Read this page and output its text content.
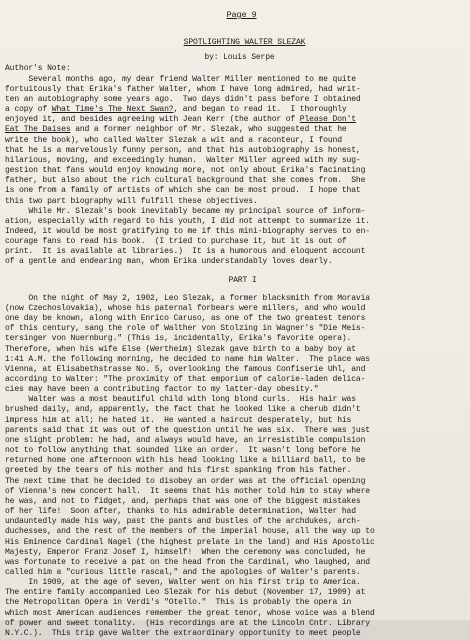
Page 9
SPOTLIGHTING WALTER SLEZAK
by: Louis Serpe
Author's Note:
Several months ago, my dear friend Walter Miller mentioned to me quite
fortuitously that Erika's father Walter, whom I have long admired, had writ-
ten an autobiography some years ago.  Two days didn't pass before I obtained
a copy of What Time's The Next Swan?, and began to read it.  I thoroughly
enjoyed it, and besides agreeing with Jean Kerr (the author of Please Don't
Eat The Daises and a former neighbor of Mr. Slezak, who suggested that he
write the book), who called Walter Slezak a wit and a raconteur, I found
that he is a marvelously funny person, and that his autobiography is honest,
hilarious, moving, and exceedingly human.  Walter Miller agreed with my sug-
gestion that fans would enjoy knowing more, not only about Erika's facinating
father, but also about the rich cultural background that she comes from.  She
is one from a family of artists of which she can be most proud.  I hope that
this two part biography will fulfill these objectives.
While Mr. Slezak's book inevitably became my principal source of inform-
ation, especially with regard to his youth, I did not attempt to summarize it.
Indeed, it would be most gratifying to me if this mini-biography serves to en-
courage fans to read his book.  (I tried to purchase it, but it is out of
print.  It is available at libraries.)  It is a humorous and eloquent account
of a gentle and endearing man, whom Erika understandably loves dearly.
PART I
On the night of May 2, 1902, Leo Slezak, a former blacksmith from Moravia
(now Czechoslovakia), whose his paternal forbears were millers, and who would
one day be known, along with Enrico Caruso, as one of the two greatest tenors
of this century, sang the role of Walther von Stolzing in Wagner's "Die Meis-
tersinger von Nuernburg." (This is, incidentally, Erika's favorite opera).
Therefore, when his wife Else (Wertheim) Slezak gave birth to a baby boy at
1:41 A.M. the following morning, he decided to name him Walter.  The place was
Vienna, at Elisabethstrasse No. 5, overlooking the famous Confiserie Uhl, and
according to Walter: "The proximity of that emporium of calorie-laden delica-
cies may have been a contributing factor to my latter-day obesity."
Walter was a most beautiful child with long blond curls.  His hair was
brushed daily, and, apparently, the fact that he looked like a cherub didn't
impress him at all; he hated it.  He wanted a haircut desperately, but his
parents said that it was out of the question until he was six.  There was just
one slight problem: he had, and always would have, an irresistible compulsion
not to follow anything that sounded like an order.  It wasn't long before he
returned home one afternoon with his head looking like a billiard ball, to be
greeted by the tears of his mother and his first spanking from his father.
The next time that he decided to disobey an order was at the official opening
of Vienna's new concert hall.  It seems that his mother told him to stay where
he was, and not to fidget, and, perhaps that was one of the biggest mistakes
of her life!  Soon after, thanks to his admirable determination, Walter had
undauntedly made his way, past the pants and bustles of the archdukes, arch-
duchesses, and the rest of the members of the imperial house, all the way up to
His Eminence Cardinal Nagel (the highest prelate in the land) and His Apostolic
Majesty, Emperor Franz Josef I, himself!  When the ceremony was concluded, he
was fortunate to receive a pat on the head from the Cardinal, who laughed, and
called him a "curious little rascal," and the apologies of Walter's parents.
In 1909, at the age of seven, Walter went on his first trip to America.
The entire family accompanied Leo Slezak for his debut (November 17, 1909) at
the Metropolitan Opera in Verdi's "Otello."  This is probably the opera in
which most American audiences remember the great tenor, whose voice was a blend
of power and sweet tonality.  (His recordings are at the Lincoln Cntr. Library
N.Y.C.).  This trip gave Walter the extraordinary opportunity to meet people
